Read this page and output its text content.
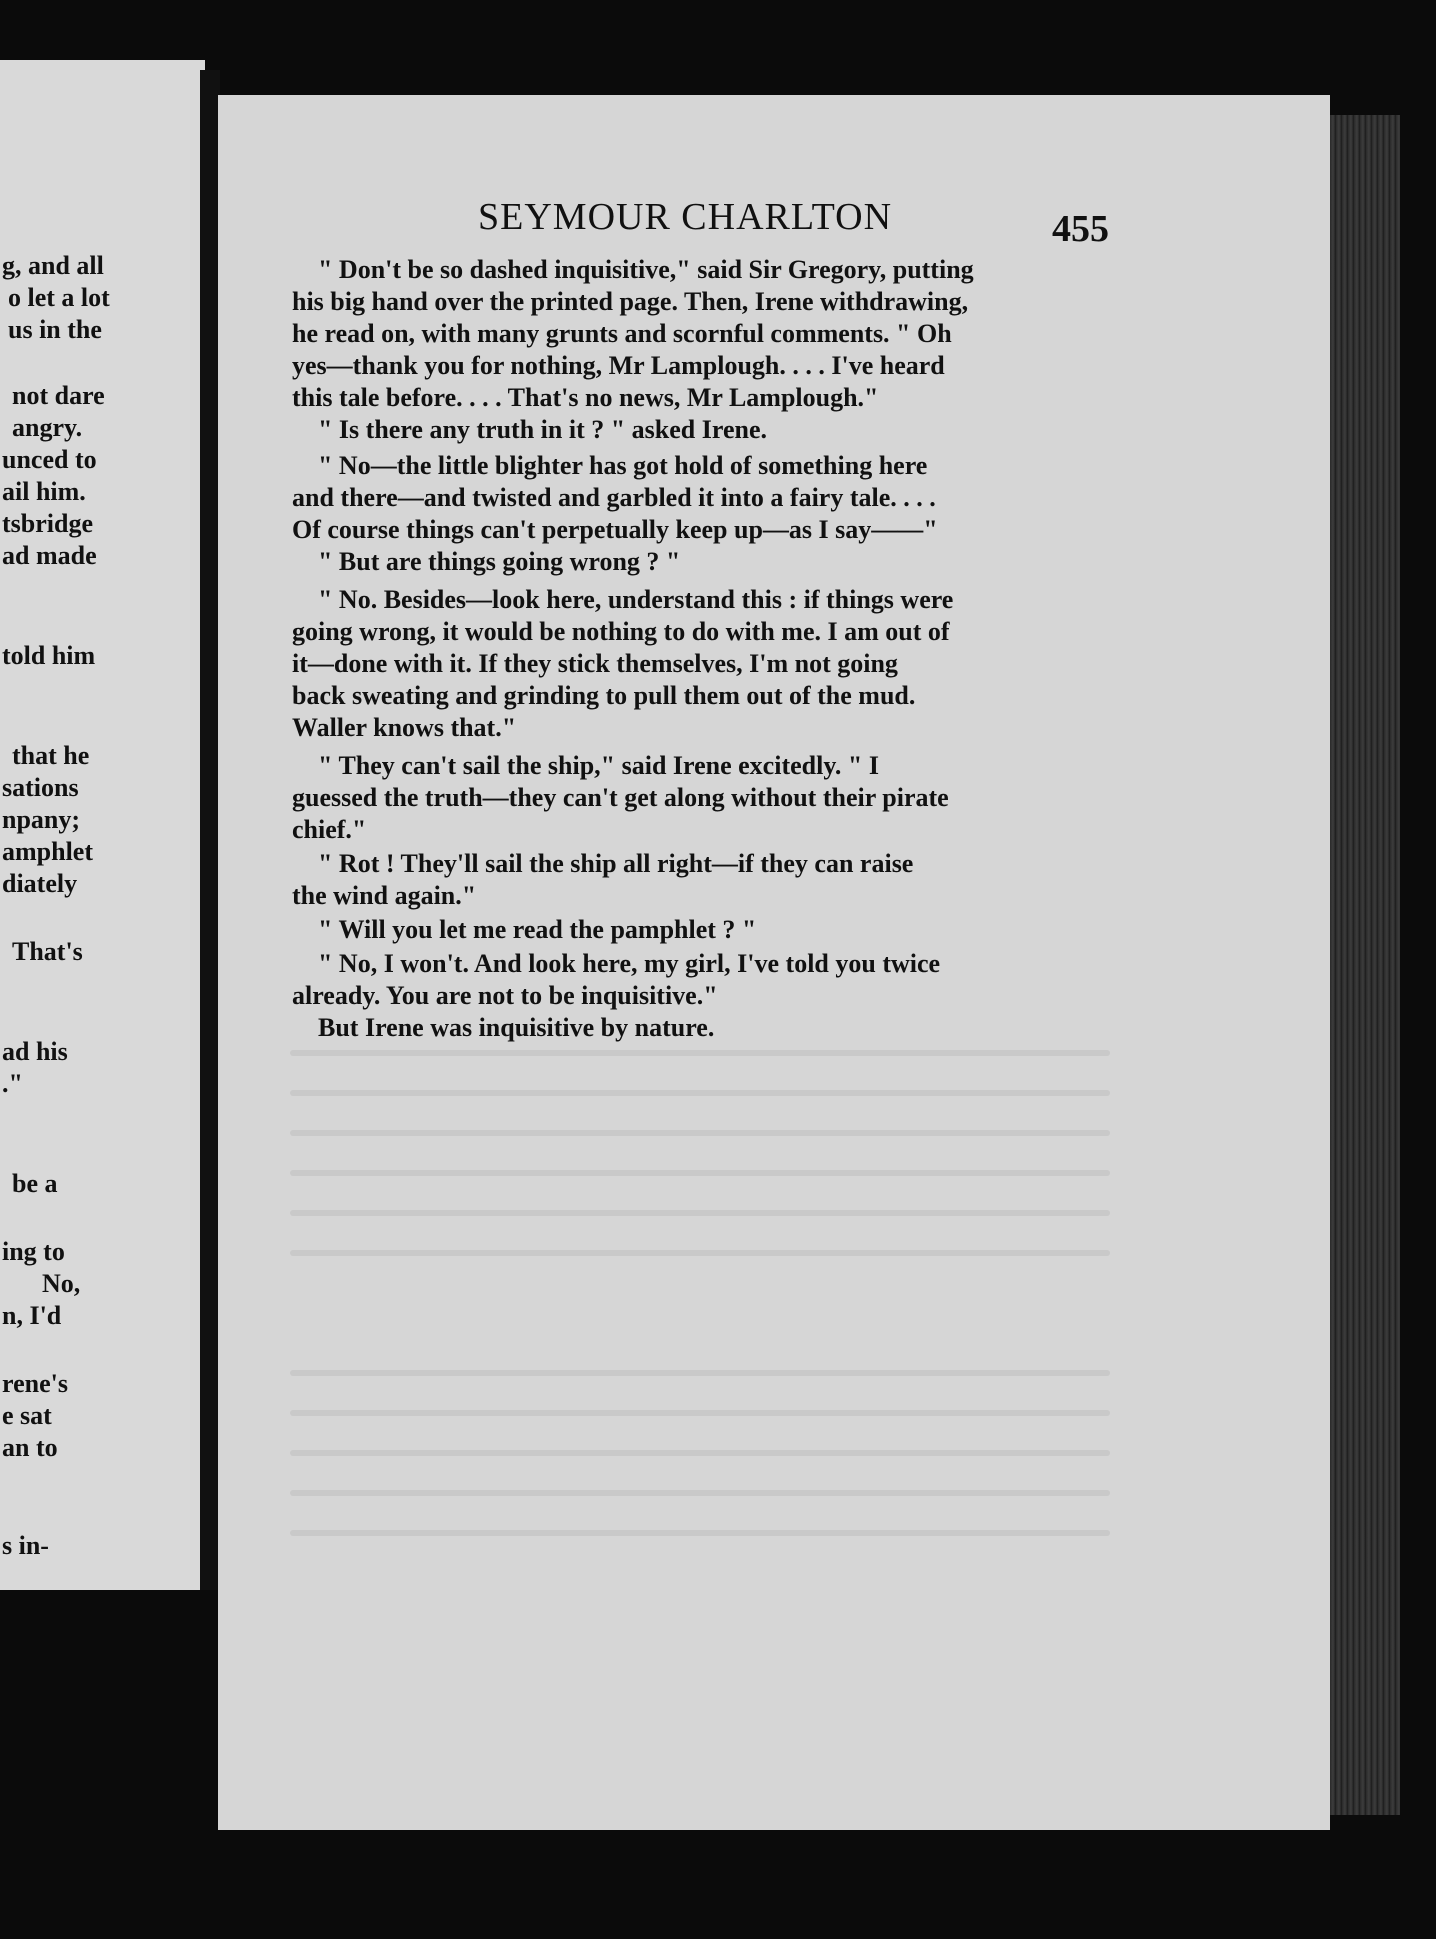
g, and all
o let a lot
us in the
not dare
angry.
unced to
ail him.
tsbridge
ad made
told him
that he
sations
npany;
amphlet
diately
That's
ad his
."
be a
ing to
No,
n, I'd
rene's
e sat
an to
s in-
SEYMOUR CHARLTON	455
" Don't be so dashed inquisitive," said Sir Gregory, putting
his big hand over the printed page. Then, Irene withdrawing,
he read on, with many grunts and scornful comments. " Oh
yes—thank you for nothing, Mr Lamplough. . . . I've heard
this tale before. . . . That's no news, Mr Lamplough."
" Is there any truth in it ? " asked Irene.
" No—the little blighter has got hold of something here
and there—and twisted and garbled it into a fairy tale. . . .
Of course things can't perpetually keep up—as I say——"
" But are things going wrong ? "
" No. Besides—look here, understand this : if things were
going wrong, it would be nothing to do with me. I am out of
it—done with it. If they stick themselves, I'm not going
back sweating and grinding to pull them out of the mud.
Waller knows that."
" They can't sail the ship," said Irene excitedly. " I
guessed the truth—they can't get along without their pirate
chief."
" Rot ! They'll sail the ship all right—if they can raise
the wind again."
" Will you let me read the pamphlet ? "
" No, I won't. And look here, my girl, I've told you twice
already. You are not to be inquisitive."
But Irene was inquisitive by nature.
